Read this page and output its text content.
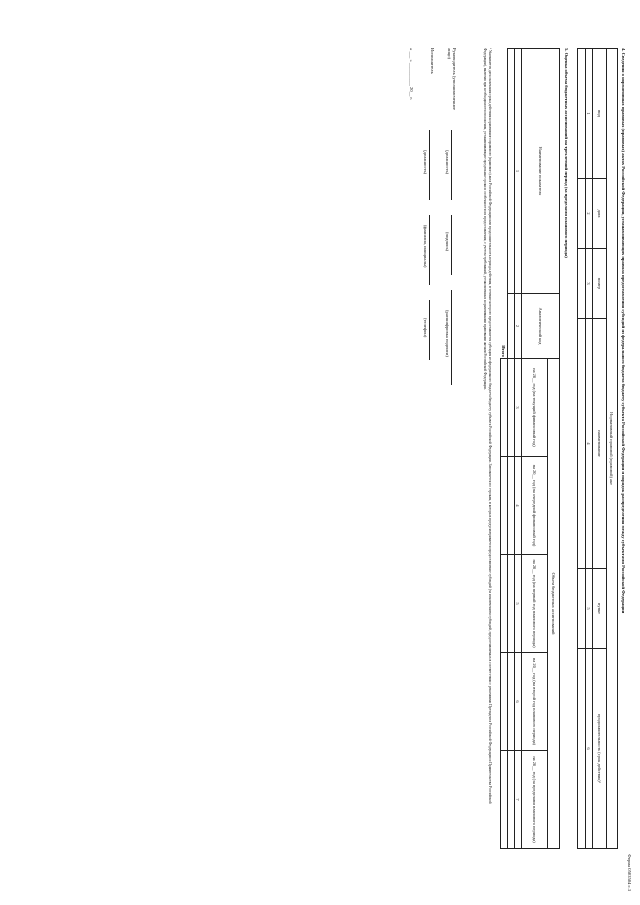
Форма 0503584 с.3
4. Сведения о нормативных правовых (правовых) актах Российской Федерации, устанавливающих правила предоставления субсидий из федерального бюджета бюджету субъекта Российской Федерации и порядок распределения между субъектами Российской Федерации
Нормативный правовой (правовой) акт					
вид	дата	номер	наименование	пункт	продолжительность (срок действия)¹
1	2	3	4	5	6

5. Оценка объема бюджетных ассигнований на трехлетний период (за пределами планового периода)
Наименование показателя	Аналитический код	Объем бюджетных ассигнований				
		на 20__ год (на текущий финансовый год)	на 20__ год (на очередной финансовый год)	на 20__ год (на первый год планового периода)	на 20__ год (на второй год планового периода)	на 20__ год (за пределами планового периода)
1	2	3	4	5	6	7

Итого						
¹ Указывается дата окончания срока действия нормативного правового (правового) акта Российской Федерации или продолжительность периода действия, в течение которого предоставляется субсидия из федерального бюджета бюджету субъекта Российской Федерации. Заполняется по строкам, в которых предусматривается предоставление субсидий (за исключением субсидий, предоставляемых в соответствии с решениями Президента Российской Федерации и Правительства Российской Федерации), включая при необходимости положения, устанавливающие предельные сроки и особенности их предоставления, с учетом требований, установленных нормативными правовыми актами Российской Федерации.
Руководитель (уполномоченное лицо)
(должность)
(подпись)
(расшифровка подписи)
Исполнитель
(должность)
(фамилия, инициалы)
(телефон)
« ___ » __________ 20__ г.
